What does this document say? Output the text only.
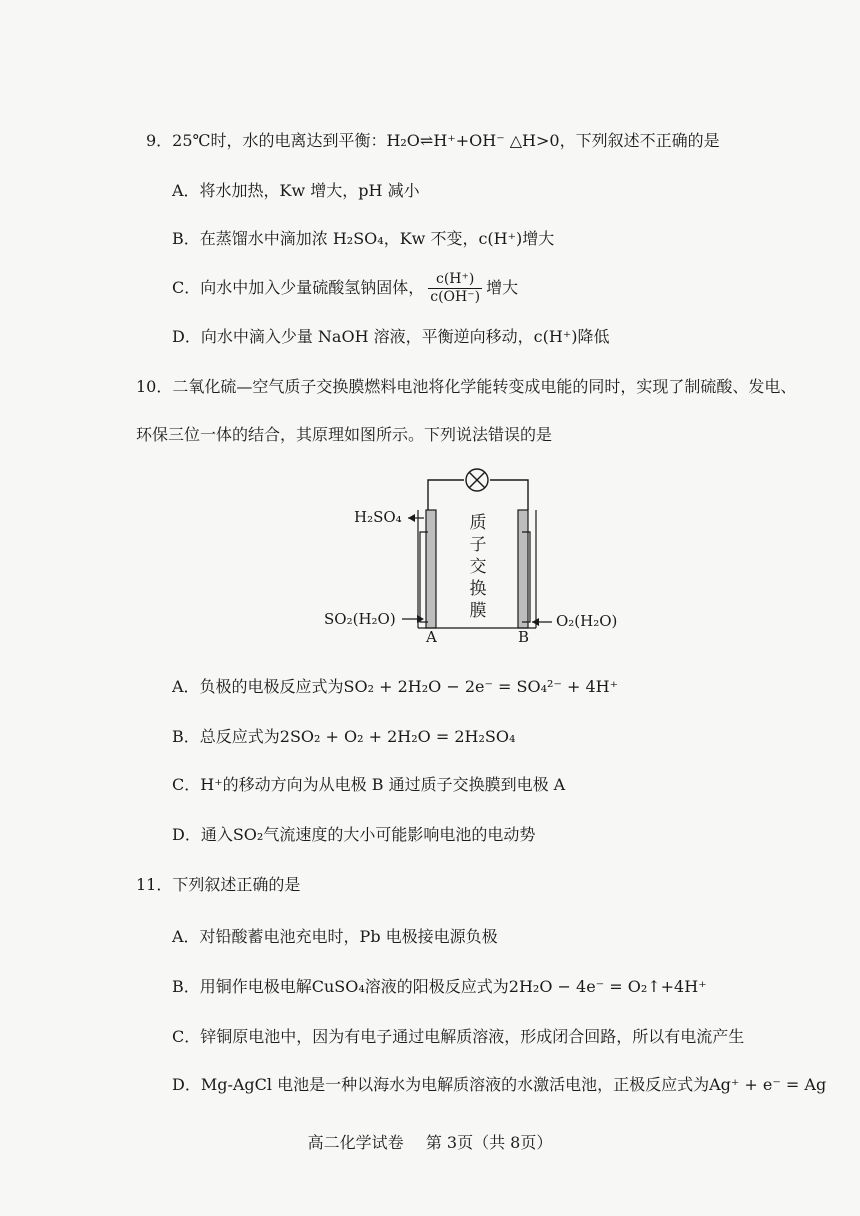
9．25℃时，水的电离达到平衡：H₂O⇌H⁺+OH⁻ △H>0，下列叙述不正确的是
A．将水加热，Kw 增大，pH 减小
B．在蒸馏水中滴加浓 H₂SO₄，Kw 不变，c(H⁺)增大
C．向水中加入少量硫酸氢钠固体， $\frac{c(H^+)}{c(OH^-)}$ 增大
D．向水中滴入少量 NaOH 溶液，平衡逆向移动，c(H⁺)降低
10．二氧化硫—空气质子交换膜燃料电池将化学能转变成电能的同时，实现了制硫酸、发电、
环保三位一体的结合，其原理如图所示。下列说法错误的是
H₂SO₄
SO₂(H₂O)	O₂(H₂O)
质
子
交
换
膜
A	B
A．负极的电极反应式为SO₂ + 2H₂O − 2e⁻ = SO₄²⁻ + 4H⁺
B．总反应式为2SO₂ + O₂ + 2H₂O = 2H₂SO₄
C．H⁺的移动方向为从电极 B 通过质子交换膜到电极 A
D．通入SO₂气流速度的大小可能影响电池的电动势
11．下列叙述正确的是
A．对铅酸蓄电池充电时，Pb 电极接电源负极
B．用铜作电极电解CuSO₄溶液的阳极反应式为2H₂O − 4e⁻ = O₂↑+4H⁺
C．锌铜原电池中，因为有电子通过电解质溶液，形成闭合回路，所以有电流产生
D．Mg-AgCl 电池是一种以海水为电解质溶液的水激活电池，正极反应式为Ag⁺ + e⁻ = Ag
高二化学试卷 第 3页（共 8页）
